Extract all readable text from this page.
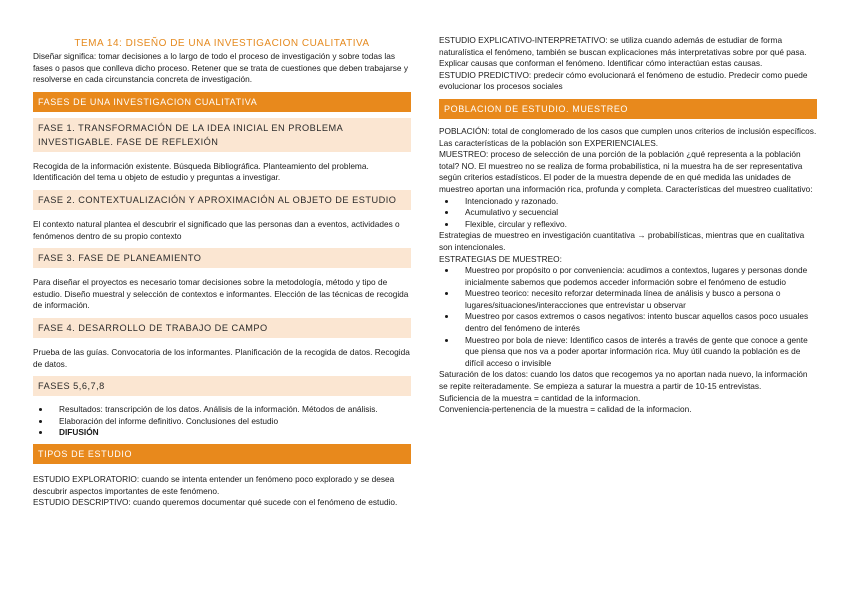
TEMA 14: DISEÑO DE UNA INVESTIGACION CUALITATIVA

Diseñar significa: tomar decisiones a lo largo de todo el proceso de investigación y sobre todas las fases o pasos que conlleva dicho proceso. Retener que se trata de cuestiones que deben trabajarse y resolverse en cada circunstancia concreta de investigación.

FASES DE UNA INVESTIGACION CUALITATIVA
FASE 1. TRANSFORMACIÓN DE LA IDEA INICIAL EN PROBLEMA INVESTIGABLE. FASE DE REFLEXIÓN

Recogida de la información existente. Búsqueda Bibliográfica. Planteamiento del problema. Identificación del tema u objeto de estudio y preguntas a investigar.

FASE 2. CONTEXTUALIZACIÓN Y APROXIMACIÓN AL OBJETO DE ESTUDIO

El contexto natural plantea el descubrir el significado que las personas dan a eventos, actividades o fenómenos dentro de su propio contexto

FASE 3. FASE DE PLANEAMIENTO

Para diseñar el proyectos es necesario tomar decisiones sobre la metodología, método y tipo de estudio. Diseño muestral y selección de contextos e informantes. Elección de las técnicas de recogida de información.

FASE 4. DESARROLLO DE TRABAJO DE CAMPO

Prueba de las guías. Convocatoria de los informantes. Planificación de la recogida de datos. Recogida de datos.

FASES 5,6,7,8
• Resultados: transcripción de los datos. Análisis de la información. Métodos de análisis.
• Elaboración del informe definitivo. Conclusiones del estudio
• DIFUSIÓN
TIPOS DE ESTUDIO

ESTUDIO EXPLORATORIO: cuando se intenta entender un fenómeno poco explorado y se desea descubrir aspectos importantes de este fenómeno.

ESTUDIO DESCRIPTIVO: cuando queremos documentar qué sucede con el fenómeno de estudio.

ESTUDIO EXPLICATIVO-INTERPRETATIVO: se utiliza cuando además de estudiar de forma naturalística el fenómeno, también se buscan explicaciones más interpretativas sobre por qué pasa. Explicar causas que conforman el fenómeno. Identificar cómo interactúan estas causas.

ESTUDIO PREDICTIVO: predecir cómo evolucionará el fenómeno de estudio. Predecir como puede evolucionar los procesos sociales

POBLACION DE ESTUDIO. MUESTREO

POBLACIÓN: total de conglomerado de los casos que cumplen unos criterios de inclusión específicos. Las características de la población son EXPERIENCIALES.

MUESTREO: proceso de selección de una porción de la población ¿qué representa a la población total? NO. El muestreo no se realiza de forma probabilística, ni la muestra ha de ser representativa según criterios estadísticos. El poder de la muestra depende de en qué medida las unidades de muestreo aportan una información rica, profunda y completa. Características del muestreo cualitativo:

• Intencionado y razonado.
• Acumulativo y secuencial
• Flexible, circular y reflexivo.

Estrategias de muestreo en investigación cuantitativa → probabilísticas, mientras que en cualitativa son intencionales.

ESTRATEGIAS DE MUESTREO:

• Muestreo por propósito o por conveniencia: acudimos a contextos, lugares y personas donde inicialmente sabemos que podemos acceder información sobre el fenómeno de estudio
• Muestreo teorico: necesito reforzar determinada línea de análisis y busco a persona o lugares/situaciones/interacciones que entrevistar u observar
• Muestreo por casos extremos o casos negativos: intento buscar aquellos casos poco usuales dentro del fenómeno de interés
• Muestreo por bola de nieve: Identifico casos de interés a través de gente que conoce a gente que piensa que nos va a poder aportar información rica. Muy útil cuando la población es de difícil acceso o invisible

Saturación de los datos: cuando los datos que recogemos ya no aportan nada nuevo, la información se repite reiteradamente. Se empieza a saturar la muestra a partir de 10-15 entrevistas.

Suficiencia de la muestra = cantidad de la informacion.

Conveniencia-pertenencia de la muestra = calidad de la informacion.
